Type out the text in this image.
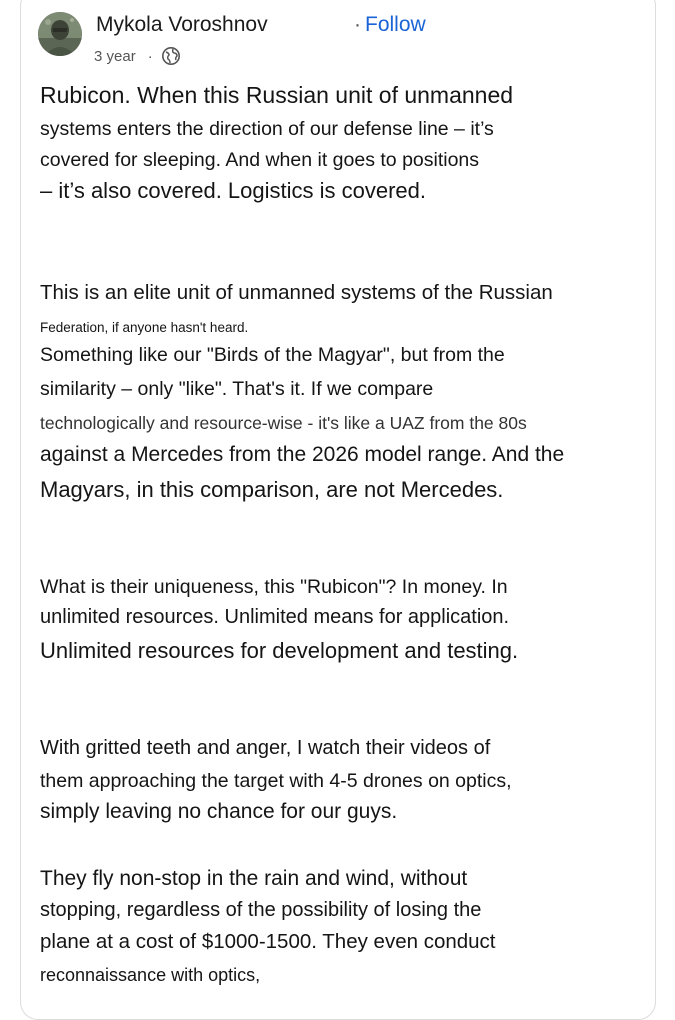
Mykola Voroshnov	· Follow
3 year ·
Rubicon. When this Russian unit of unmanned
systems enters the direction of our defense line – it’s
covered for sleeping. And when it goes to positions
– it’s also covered. Logistics is covered.
This is an elite unit of unmanned systems of the Russian
Federation, if anyone hasn't heard.
Something like our "Birds of the Magyar", but from the
similarity – only "like". That's it. If we compare
technologically and resource-wise - it's like a UAZ from the 80s
against a Mercedes from the 2026 model range. And the
Magyars, in this comparison, are not Mercedes.
What is their uniqueness, this "Rubicon"? In money. In
unlimited resources. Unlimited means for application.
Unlimited resources for development and testing.
With gritted teeth and anger, I watch their videos of
them approaching the target with 4-5 drones on optics,
simply leaving no chance for our guys.
They fly non-stop in the rain and wind, without
stopping, regardless of the possibility of losing the
plane at a cost of $1000-1500. They even conduct
reconnaissance with optics,
